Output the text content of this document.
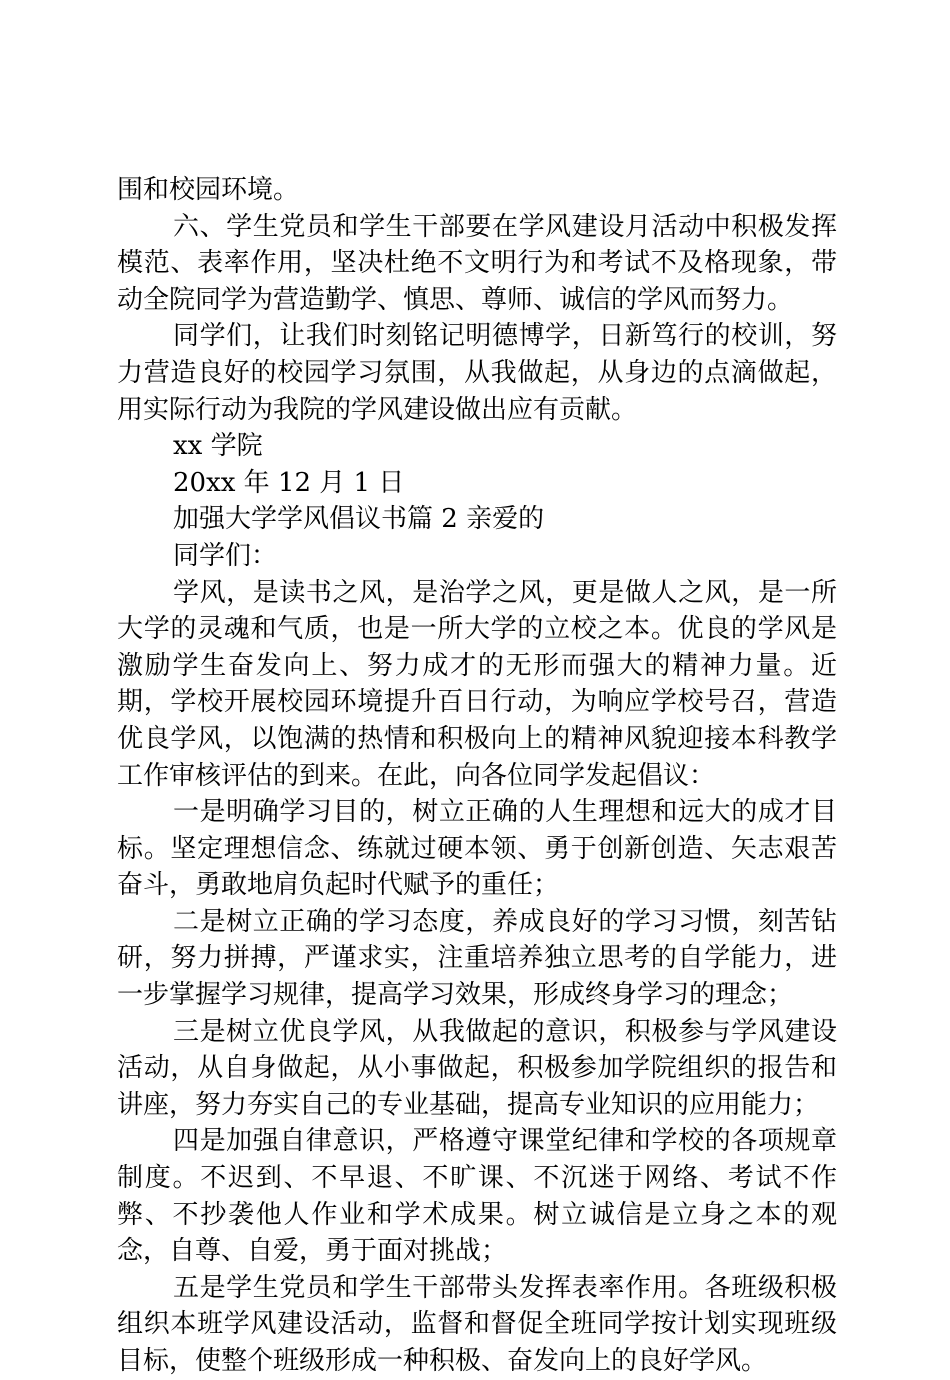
围和校园环境。

六、学生党员和学生干部要在学风建设月活动中积极发挥模范、表率作用，坚决杜绝不文明行为和考试不及格现象，带动全院同学为营造勤学、慎思、尊师、诚信的学风而努力。

同学们，让我们时刻铭记明德博学，日新笃行的校训，努力营造良好的校园学习氛围，从我做起，从身边的点滴做起，用实际行动为我院的学风建设做出应有贡献。

xx 学院

20xx 年 12 月 1 日

加强大学学风倡议书篇 2 亲爱的

同学们：

学风，是读书之风，是治学之风，更是做人之风，是一所大学的灵魂和气质，也是一所大学的立校之本。优良的学风是激励学生奋发向上、努力成才的无形而强大的精神力量。近期，学校开展校园环境提升百日行动，为响应学校号召，营造优良学风，以饱满的热情和积极向上的精神风貌迎接本科教学工作审核评估的到来。在此，向各位同学发起倡议：

一是明确学习目的，树立正确的人生理想和远大的成才目标。坚定理想信念、练就过硬本领、勇于创新创造、矢志艰苦奋斗，勇敢地肩负起时代赋予的重任；

二是树立正确的学习态度，养成良好的学习习惯，刻苦钻研，努力拼搏，严谨求实，注重培养独立思考的自学能力，进一步掌握学习规律，提高学习效果，形成终身学习的理念；

三是树立优良学风，从我做起的意识，积极参与学风建设活动，从自身做起，从小事做起，积极参加学院组织的报告和讲座，努力夯实自己的专业基础，提高专业知识的应用能力；

四是加强自律意识，严格遵守课堂纪律和学校的各项规章制度。不迟到、不早退、不旷课、不沉迷于网络、考试不作弊、不抄袭他人作业和学术成果。树立诚信是立身之本的观念，自尊、自爱，勇于面对挑战；

五是学生党员和学生干部带头发挥表率作用。各班级积极组织本班学风建设活动，监督和督促全班同学按计划实现班级目标，使整个班级形成一种积极、奋发向上的良好学风。
